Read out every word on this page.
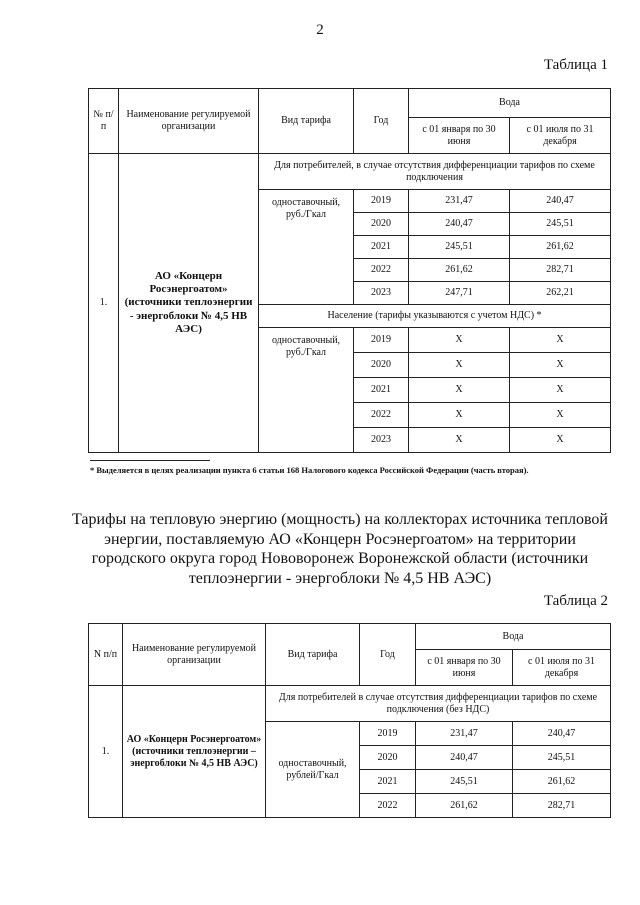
2
Таблица 1
№ п/п	Наименование регулируемой организации	Вид тарифа	Год	Вода	
				с 01 января по 30 июня	с 01 июля по 31 декабря
1.	АО «Концерн Росэнергоатом» (источники теплоэнергии - энергоблоки № 4,5 НВ АЭС)	Для потребителей, в случае отсутствия дифференциации тарифов по схеме подключения			
		одноставочный, руб./Гкал	2019	231,47	240,47
			2020	240,47	245,51
			2021	245,51	261,62
			2022	261,62	282,71
			2023	247,71	262,21
		Население (тарифы указываются с учетом НДС) *			
		одноставочный, руб./Гкал	2019	Х	Х
			2020	Х	Х
			2021	Х	Х
			2022	Х	Х
			2023	Х	Х
* Выделяется в целях реализации пункта 6 статьи 168 Налогового кодекса Российской Федерации (часть вторая).
Тарифы на тепловую энергию (мощность) на коллекторах источника тепловой энергии, поставляемую АО «Концерн Росэнергоатом» на территории городского округа город Нововоронеж Воронежской области (источники теплоэнергии - энергоблоки № 4,5 НВ АЭС)
Таблица 2
N п/п	Наименование регулируемой организации	Вид тарифа	Год	Вода	
				с 01 января по 30 июня	с 01 июля по 31 декабря
1.	АО «Концерн Росэнергоатом» (источники теплоэнергии – энергоблоки № 4,5 НВ АЭС)	Для потребителей в случае отсутствия дифференциации тарифов по схеме подключения (без НДС)			
		одноставочный, рублей/Гкал	2019	231,47	240,47
			2020	240,47	245,51
			2021	245,51	261,62
			2022	261,62	282,71
